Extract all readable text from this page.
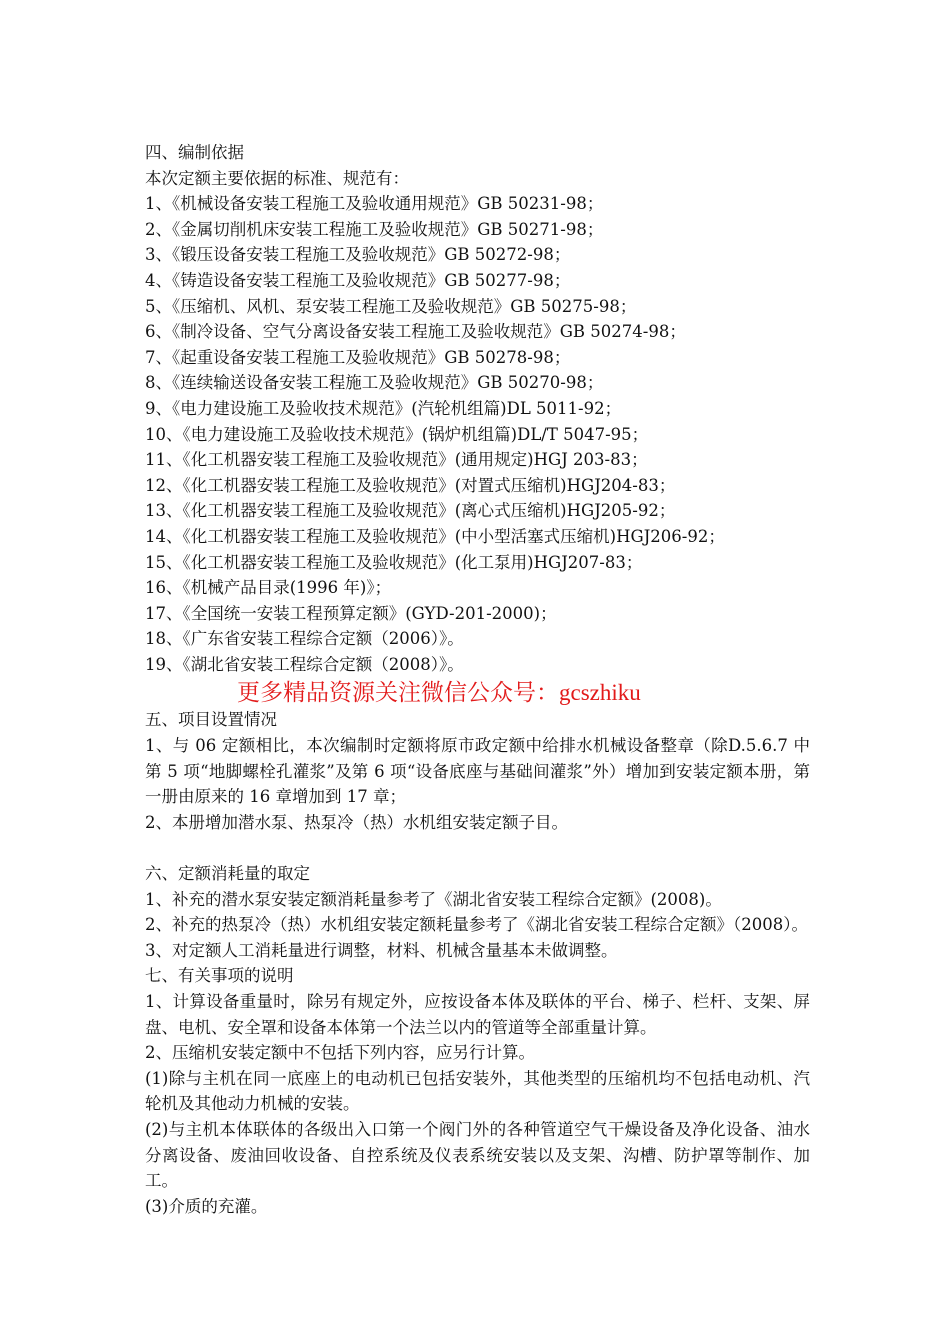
四、编制依据
本次定额主要依据的标准、规范有：
1、《机械设备安装工程施工及验收通用规范》GB 50231-98；
2、《金属切削机床安装工程施工及验收规范》GB 50271-98；
3、《锻压设备安装工程施工及验收规范》GB 50272-98；
4、《铸造设备安装工程施工及验收规范》GB 50277-98；
5、《压缩机、风机、泵安装工程施工及验收规范》GB 50275-98；
6、《制冷设备、空气分离设备安装工程施工及验收规范》GB 50274-98；
7、《起重设备安装工程施工及验收规范》GB 50278-98；
8、《连续输送设备安装工程施工及验收规范》GB 50270-98；
9、《电力建设施工及验收技术规范》(汽轮机组篇)DL 5011-92；
10、《电力建设施工及验收技术规范》(锅炉机组篇)DL/T 5047-95；
11、《化工机器安装工程施工及验收规范》(通用规定)HGJ 203-83；
12、《化工机器安装工程施工及验收规范》(对置式压缩机)HGJ204-83；
13、《化工机器安装工程施工及验收规范》(离心式压缩机)HGJ205-92；
14、《化工机器安装工程施工及验收规范》(中小型活塞式压缩机)HGJ206-92；
15、《化工机器安装工程施工及验收规范》(化工泵用)HGJ207-83；
16、《机械产品目录(1996 年)》；
17、《全国统一安装工程预算定额》(GYD-201-2000)；
18、《广东省安装工程综合定额（2006）》。
19、《湖北省安装工程综合定额（2008）》。
更多精品资源关注微信公众号：gcszhiku
五、项目设置情况
1、与 06 定额相比，本次编制时定额将原市政定额中给排水机械设备整章（除D.5.6.7 中第 5 项“地脚螺栓孔灌浆”及第 6 项“设备底座与基础间灌浆”外）增加到安装定额本册，第一册由原来的 16 章增加到 17 章；
2、本册增加潜水泵、热泵冷（热）水机组安装定额子目。
六、定额消耗量的取定
1、补充的潜水泵安装定额消耗量参考了《湖北省安装工程综合定额》(2008)。
2、补充的热泵冷（热）水机组安装定额耗量参考了《湖北省安装工程综合定额》（2008）。
3、对定额人工消耗量进行调整，材料、机械含量基本未做调整。
七、有关事项的说明
1、计算设备重量时，除另有规定外，应按设备本体及联体的平台、梯子、栏杆、支架、屏盘、电机、安全罩和设备本体第一个法兰以内的管道等全部重量计算。
2、压缩机安装定额中不包括下列内容，应另行计算。
(1)除与主机在同一底座上的电动机已包括安装外，其他类型的压缩机均不包括电动机、汽轮机及其他动力机械的安装。
(2)与主机本体联体的各级出入口第一个阀门外的各种管道空气干燥设备及净化设备、油水分离设备、废油回收设备、自控系统及仪表系统安装以及支架、沟槽、防护罩等制作、加工。
(3)介质的充灌。
